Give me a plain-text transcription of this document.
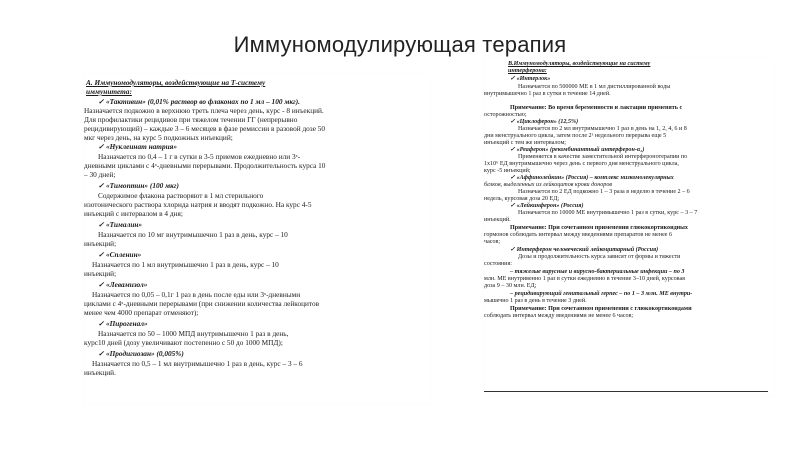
Иммуномодулирующая терапия
А. Иммуномодуляторы, воздействующие на Т-систему
иммунитета:
✓ «Тактивин» (0,01% раствор во флаконах по 1 мл – 100 мкг).
Назначается подкожно в верхнюю треть плеча через день, курс - 8 инъекций.
Для профилактики рецидивов при тяжелом течении ГГ (непрерывно
рецидивирующий) – каждые 3 – 6 месяцев в фазе ремиссии в разовой дозе 50
мкг через день, на курс 5 подкожных инъекций;
✓ «Нуклеинат натрия»
Назначается по 0,4 – 1 г в сутки в 3-5 приемов ежедневно или 3ˣ-
дневными циклами с 4ˣ-дневными перерывами. Продолжительность курса 10
– 30 дней;
✓ «Тимоптин» (100 мкг)
Содержимое флакона растворяют в 1 мл стерильного
изотонического раствора хлорида натрия и вводят подкожно. На курс 4-5
инъекций с интервалом в 4 дня;
✓ «Тималин»
Назначается по 10 мг внутримышечно 1 раз в день, курс – 10
инъекций;
✓ «Спленин»
Назначается по 1 мл внутримышечно 1 раз в день, курс – 10
инъекций;
✓ «Левамизол»
Назначается по 0,05 – 0,1г 1 раз в день после еды или 3ˣ-дневными
циклами с 4ˣ-дневными перерывами (при снижении количества лейкоцитов
менее чем 4000 препарат отменяют);
✓ «Пирогенал»
Назначается по 50 – 1000 МПД внутримышечно 1 раз в день,
курс10 дней (дозу увеличивают постепенно с 50 до 1000 МПД);
✓ «Продигиозан» (0,005%)
Назначается по 0,5 – 1 мл внутримышечно 1 раз в день, курс – 3 – 6
инъекций.
В.Иммуномодуляторы, воздействующие на систему
интерферона:
✓ «Интерлок»
Назначается по 500000 МЕ в 1 мл дистиллированной воды
внутримышечно 1 раз в сутки в течение 14 дней.
Примечание: Во время беременности и лактации применять с
осторожностью;
✓ «Циклоферон» (12,5%)
Назначается по 2 мл внутримышечно 1 раз в день на 1, 2, 4, 6 и 8
дни менструального цикла, затем после 2ˣ недельного перерыва еще 5
инъекций с тем же интервалом;
✓ «Реаферон» (рекомбинантный интерферон-α₂)
Применяется в качестве заместительной интерферонотерапии по
1х10⁶ ЕД внутримышечно через день с первого дня менструального цикла,
курс -5 инъекций;
✓ «Аффинолейкин» (Россия) – комплекс низкомолекулярных
белков, выделенных из лейкоцитов крови доноров
Назначается по 2 ЕД подкожно 1 – 3 раза в неделю в течение 2 – 6
недель, курсовая доза 20 ЕД;
✓ «Лейкинферон» (Россия)
Назначается по 10000 МЕ внутримышечно 1 раз в сутки, курс – 3 – 7
инъекций.
Примечание: При сочетанном применении глюкокортикоидных
гормонов соблюдать интервал между введениями препаратов не менее 6
часов;
✓ Интерферон человеческий лейкоцитарный (Россия)
Дозы и продолжительность курса зависят от формы и тяжести
состояния:
– тяжелые вирусные и вирусно-бактериальные инфекции – по 3
млн. МЕ внутривенно 1 раз в сутки ежедневно в течение 3–10 дней, курсовая
доза 9 – 30 млн. ЕД;
– рецидивирующий генитальный герпес – по 1 – 3 млн. МЕ внутри-
мышечно 1 раз в день в течение 3 дней.
Примечание: При сочетанном применении с глюкокортикоидами
соблюдать интервал между введениями не менее 6 часов;
